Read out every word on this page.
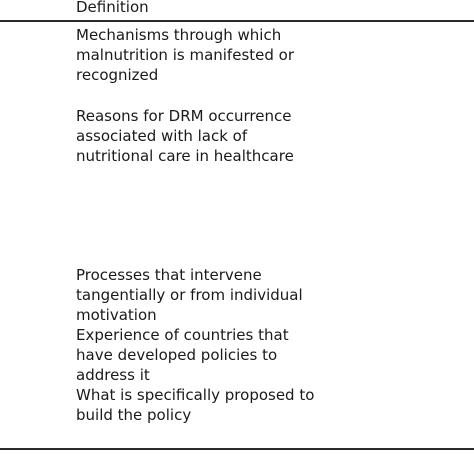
Definition
Mechanisms through which
malnutrition is manifested or
recognized
Reasons for DRM occurrence
associated with lack of
nutritional care in healthcare
Processes that intervene
tangentially or from individual
motivation
Experience of countries that
have developed policies to
address it
What is specifically proposed to
build the policy
